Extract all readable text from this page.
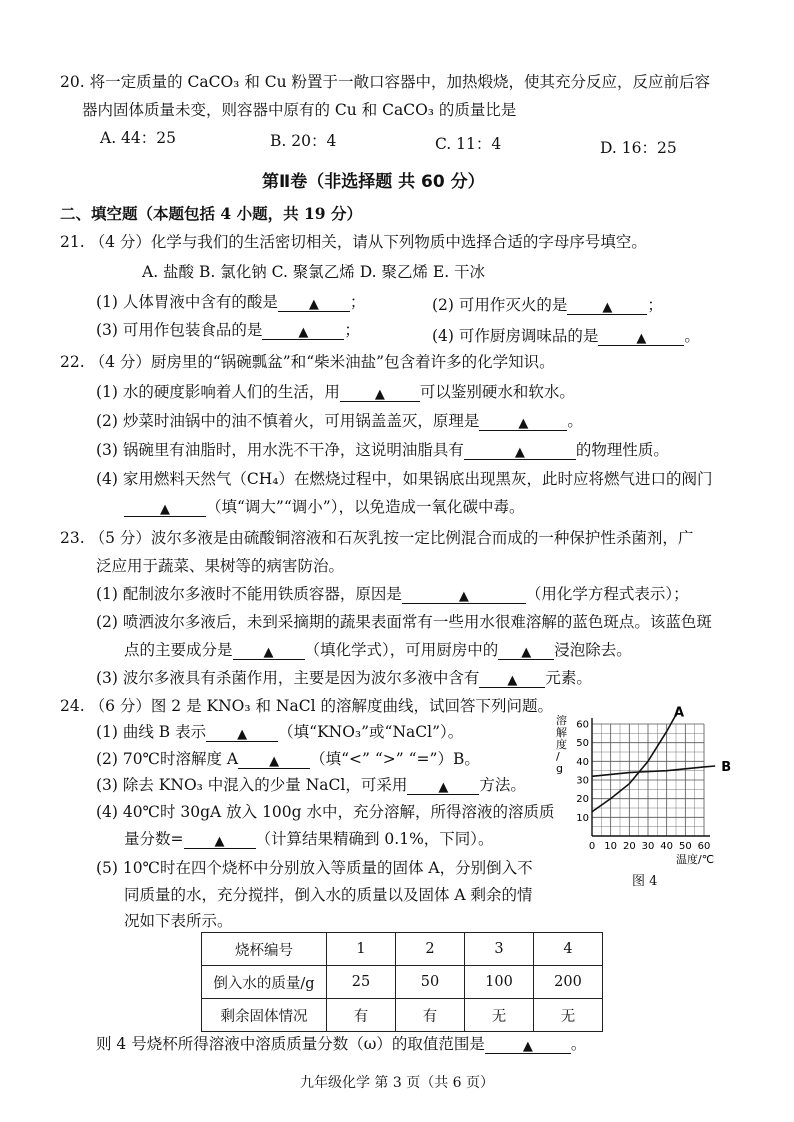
20. 将一定质量的 CaCO₃ 和 Cu 粉置于一敞口容器中，加热煅烧，使其充分反应，反应前后容
器内固体质量未变，则容器中原有的 Cu 和 CaCO₃ 的质量比是
A. 44：25	B. 20：4	C. 11：4	D. 16：25
第Ⅱ卷（非选择题 共 60 分）
二、填空题（本题包括 4 小题，共 19 分）
21. （4 分）化学与我们的生活密切相关，请从下列物质中选择合适的字母序号填空。
A. 盐酸 B. 氯化钠 C. 聚氯乙烯 D. 聚乙烯 E. 干冰
(1) 人体胃液中含有的酸是 ▲ ；	(2) 可用作灭火的是	▲ ；
(3) 可用作包装食品的是	▲ ；	(4) 可作厨房调味品的是	▲ 。
22. （4 分）厨房里的“锅碗瓢盆”和“柴米油盐”包含着许多的化学知识。
(1) 水的硬度影响着人们的生活，用	▲ 可以鉴别硬水和软水。
(2) 炒菜时油锅中的油不慎着火，可用锅盖盖灭，原理是	▲	。
(3) 锅碗里有油脂时，用水洗不干净，这说明油脂具有	▲	的物理性质。
(4) 家用燃料天然气（CH₄）在燃烧过程中，如果锅底出现黑灰，此时应将燃气进口的阀门
▲ （填“调大”“调小”），以免造成一氧化碳中毒。
23. （5 分）波尔多液是由硫酸铜溶液和石灰乳按一定比例混合而成的一种保护性杀菌剂，广
泛应用于蔬菜、果树等的病害防治。
(1) 配制波尔多液时不能用铁质容器，原因是	▲	（用化学方程式表示）；
(2) 喷洒波尔多液后，未到采摘期的蔬果表面常有一些用水很难溶解的蓝色斑点。该蓝色斑
点的主要成分是 ▲ （填化学式），可用厨房中的 ▲ 浸泡除去。
(3) 波尔多液具有杀菌作用，主要是因为波尔多液中含有 ▲ 元素。
24. （6 分）图 2 是 KNO₃ 和 NaCl 的溶解度曲线，试回答下列问题。
(1) 曲线 B 表示 ▲ （填“KNO₃”或“NaCl”）。
(2) 70℃时溶解度 A ▲ （填“<” “>” “=”）B。
(3) 除去 KNO₃ 中混入的少量 NaCl，可采用 ▲ 方法。
(4) 40℃时 30gA 放入 100g 水中，充分溶解，所得溶液的溶质质
量分数= ▲ （计算结果精确到 0.1%，下同）。
(5) 10℃时在四个烧杯中分别放入等质量的固体 A，分别倒入不
同质量的水，充分搅拌，倒入水的质量以及固体 A 剩余的情
况如下表所示。
烧杯编号	1	2	3	4
倒入水的质量/g	25	50	100	200
剩余固体情况	有	有	无	无
则 4 号烧杯所得溶液中溶质质量分数（ω）的取值范围是	▲ 。
0 10 20 30 40 50 60
10
20
30
40
50
60
A
B
溶解度/ g
温度/℃
图 4
九年级化学 第 3 页（共 6 页）
